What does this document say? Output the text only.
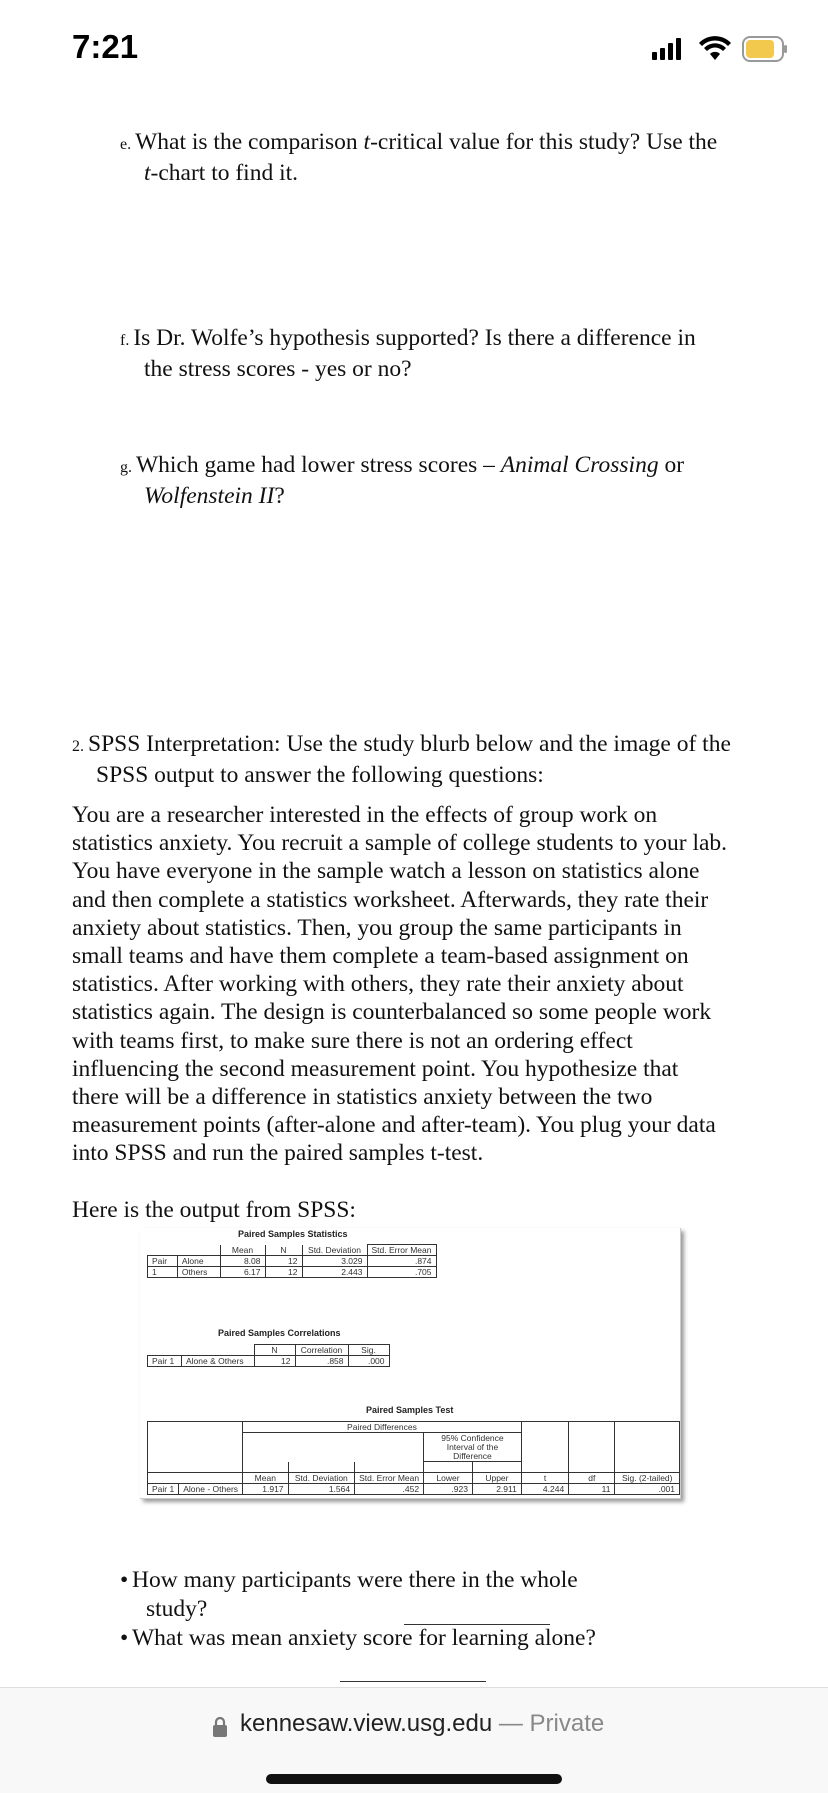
7:21
e. What is the comparison t-critical value for this study? Use the
t-chart to find it.
f. Is Dr. Wolfe’s hypothesis supported? Is there a difference in
the stress scores - yes or no?
g. Which game had lower stress scores – Animal Crossing or
Wolfenstein II?
2. SPSS Interpretation: Use the study blurb below and the image of the
SPSS output to answer the following questions:
You are a researcher interested in the effects of group work on
statistics anxiety. You recruit a sample of college students to your lab.
You have everyone in the sample watch a lesson on statistics alone
and then complete a statistics worksheet. Afterwards, they rate their
anxiety about statistics. Then, you group the same participants in
small teams and have them complete a team-based assignment on
statistics. After working with others, they rate their anxiety about
statistics again. The design is counterbalanced so some people work
with teams first, to make sure there is not an ordering effect
influencing the second measurement point. You hypothesize that
there will be a difference in statistics anxiety between the two
measurement points (after-alone and after-team). You plug your data
into SPSS and run the paired samples t-test.
Here is the output from SPSS:
Paired Samples Statistics
		Mean	N	Std. Deviation	Std. Error Mean
Pair	Alone	8.08	12	3.029	.874
1	Others	6.17	12	2.443	.705
Paired Samples Correlations
		N	Correlation	Sig.
Pair 1	Alone & Others	12	.858	.000
Paired Samples Test
		Paired Differences							
					95% Confidence Interval of the Difference				

		Mean	Std. Deviation	Std. Error Mean	Lower	Upper	t	df	Sig. (2-tailed)
Pair 1	Alone - Others	1.917	1.564	.452	.923	2.911	4.244	11	.001
• How many participants were there in the whole
study?
• What was mean anxiety score for learning alone?
kennesaw.view.usg.edu — Private
